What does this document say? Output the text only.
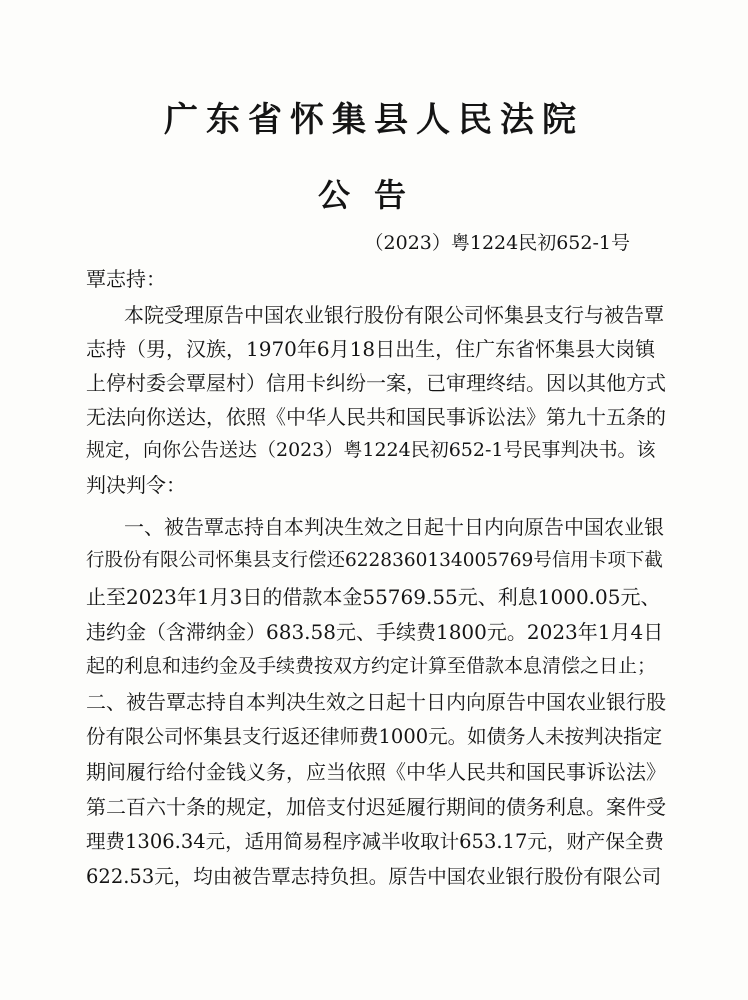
广东省怀集县人民法院
公告
（2023）粤1224民初652-1号
覃志持：
本院受理原告中国农业银行股份有限公司怀集县支行与被告覃
志持（男，汉族，1970年6月18日出生，住广东省怀集县大岗镇
上停村委会覃屋村）信用卡纠纷一案，已审理终结。因以其他方式
无法向你送达，依照《中华人民共和国民事诉讼法》第九十五条的
规定，向你公告送达（2023）粤1224民初652-1号民事判决书。该
判决判令：
一、被告覃志持自本判决生效之日起十日内向原告中国农业银
行股份有限公司怀集县支行偿还6228360134005769号信用卡项下截
止至2023年1月3日的借款本金55769.55元、利息1000.05元、
违约金（含滞纳金）683.58元、手续费1800元。2023年1月4日
起的利息和违约金及手续费按双方约定计算至借款本息清偿之日止；
二、被告覃志持自本判决生效之日起十日内向原告中国农业银行股
份有限公司怀集县支行返还律师费1000元。如债务人未按判决指定
期间履行给付金钱义务，应当依照《中华人民共和国民事诉讼法》
第二百六十条的规定，加倍支付迟延履行期间的债务利息。案件受
理费1306.34元，适用简易程序减半收取计653.17元，财产保全费
622.53元，均由被告覃志持负担。原告中国农业银行股份有限公司
